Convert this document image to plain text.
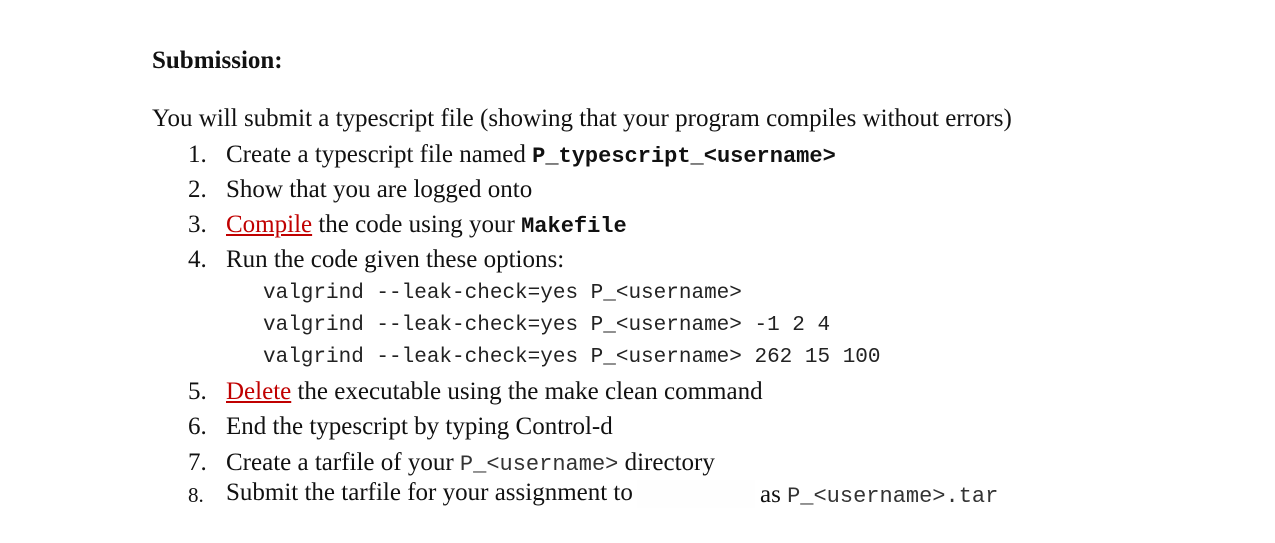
Submission:
You will submit a typescript file (showing that your program compiles without errors)
1. Create a typescript file named P_typescript_<username>
2. Show that you are logged onto
3. Compile the code using your Makefile
4. Run the code given these options:
valgrind --leak-check=yes P_<username>
valgrind --leak-check=yes P_<username> -1 2 4
valgrind --leak-check=yes P_<username> 262 15 100
5. Delete the executable using the make clean command
6. End the typescript by typing Control-d
7. Create a tarfile of your P_<username> directory
8. Submit the tarfile for your assignment to	as P_<username>.tar
